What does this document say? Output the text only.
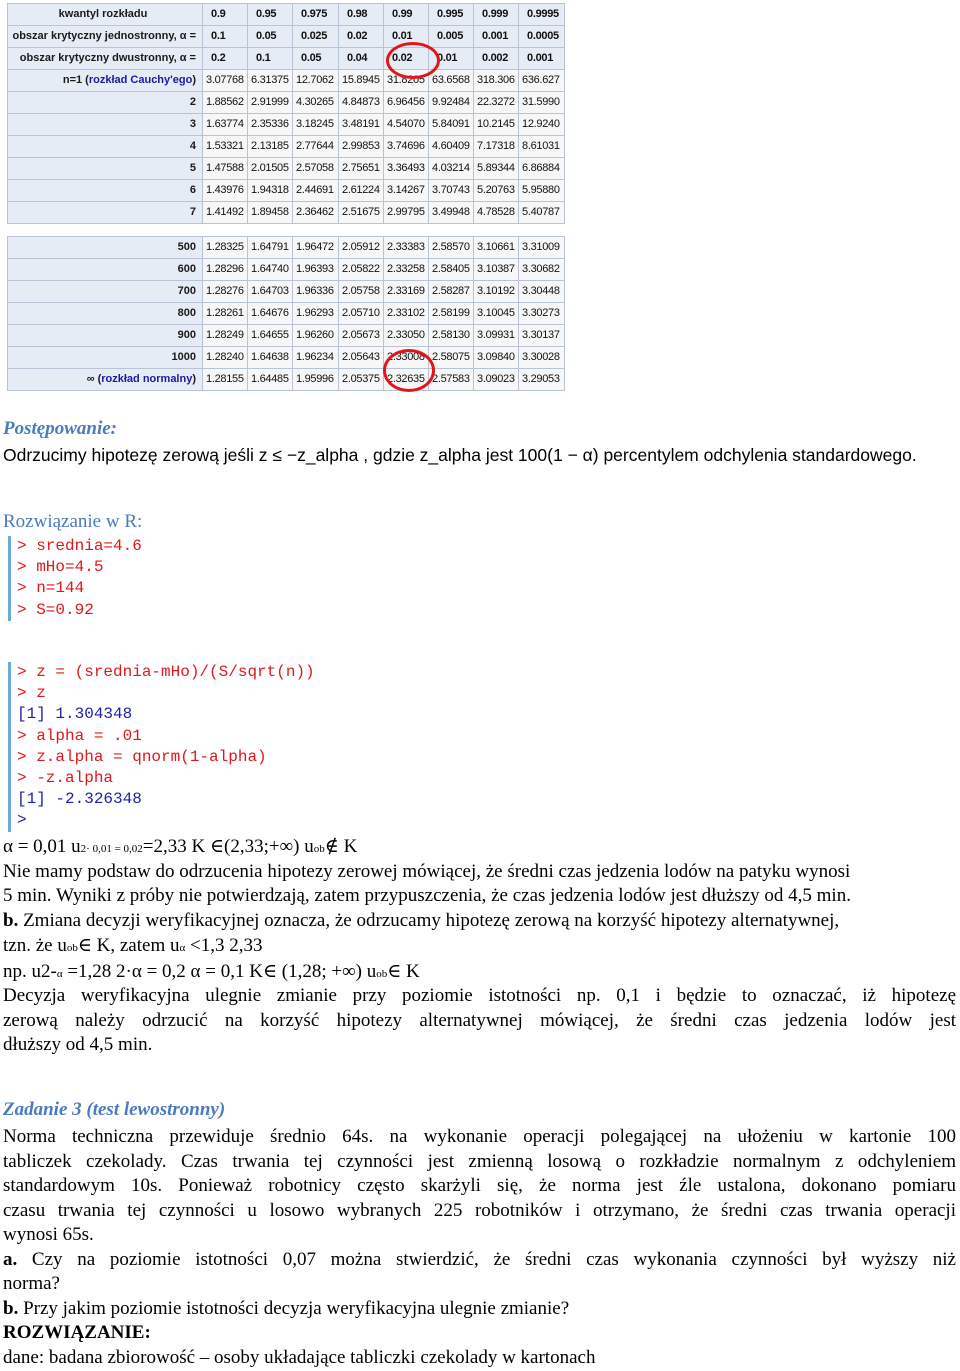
kwantyl rozkładu	0.9	0.95	0.975	0.98	0.99	0.995	0.999	0.9995
obszar krytyczny jednostronny, α =	0.1	0.05	0.025	0.02	0.01	0.005	0.001	0.0005
obszar krytyczny dwustronny, α =	0.2	0.1	0.05	0.04	0.02	0.01	0.002	0.001
n=1 (rozkład Cauchy'ego)	3.07768	6.31375	12.7062	15.8945	31.8205	63.6568	318.306	636.627
2	1.88562	2.91999	4.30265	4.84873	6.96456	9.92484	22.3272	31.5990
3	1.63774	2.35336	3.18245	3.48191	4.54070	5.84091	10.2145	12.9240
4	1.53321	2.13185	2.77644	2.99853	3.74696	4.60409	7.17318	8.61031
5	1.47588	2.01505	2.57058	2.75651	3.36493	4.03214	5.89344	6.86884
6	1.43976	1.94318	2.44691	2.61224	3.14267	3.70743	5.20763	5.95880
7	1.41492	1.89458	2.36462	2.51675	2.99795	3.49948	4.78528	5.40787

500	1.28325	1.64791	1.96472	2.05912	2.33383	2.58570	3.10661	3.31009
600	1.28296	1.64740	1.96393	2.05822	2.33258	2.58405	3.10387	3.30682
700	1.28276	1.64703	1.96336	2.05758	2.33169	2.58287	3.10192	3.30448
800	1.28261	1.64676	1.96293	2.05710	2.33102	2.58199	3.10045	3.30273
900	1.28249	1.64655	1.96260	2.05673	2.33050	2.58130	3.09931	3.30137
1000	1.28240	1.64638	1.96234	2.05643	2.33008	2.58075	3.09840	3.30028
∞ (rozkład normalny)	1.28155	1.64485	1.95996	2.05375	2.32635	2.57583	3.09023	3.29053
Postępowanie:
Odrzucimy hipotezę zerową jeśli z ≤ −z_alpha , gdzie z_alpha jest 100(1 − α) percentylem odchylenia standardowego.
Rozwiązanie w R:
> srednia=4.6
> mHo=4.5
> n=144
> S=0.92
> z = (srednia-mHo)/(S/sqrt(n))
> z
[1] 1.304348
> alpha = .01
> z.alpha = qnorm(1-alpha)
> -z.alpha
[1] -2.326348
>
α = 0,01 u2· 0,01 = 0,02=2,33 K ∈(2,33;+∞) uob∉ K
Nie mamy podstaw do odrzucenia hipotezy zerowej mówiącej, że średni czas jedzenia lodów na patyku wynosi
5 min. Wyniki z próby nie potwierdzają, zatem przypuszczenia, że czas jedzenia lodów jest dłuższy od 4,5 min.
b. Zmiana decyzji weryfikacyjnej oznacza, że odrzucamy hipotezę zerową na korzyść hipotezy alternatywnej,
tzn. że uob∈ K, zatem uα <1,3 2,33
np. u2-α =1,28 2·α = 0,2 α = 0,1 K∈ (1,28; +∞) uob∈ K
Decyzja weryfikacyjna ulegnie zmianie przy poziomie istotności np. 0,1 i będzie to oznaczać, iż hipotezę
zerową należy odrzucić na korzyść hipotezy alternatywnej mówiącej, że średni czas jedzenia lodów jest
dłuższy od 4,5 min.
Zadanie 3 (test lewostronny)
Norma techniczna przewiduje średnio 64s. na wykonanie operacji polegającej na ułożeniu w kartonie 100
tabliczek czekolady. Czas trwania tej czynności jest zmienną losową o rozkładzie normalnym z odchyleniem
standardowym 10s. Ponieważ robotnicy często skarżyli się, że norma jest źle ustalona, dokonano pomiaru
czasu trwania tej czynności u losowo wybranych 225 robotników i otrzymano, że średni czas trwania operacji
wynosi 65s.
a. Czy na poziomie istotności 0,07 można stwierdzić, że średni czas wykonania czynności był wyższy niż
norma?
b. Przy jakim poziomie istotności decyzja weryfikacyjna ulegnie zmianie?
ROZWIĄZANIE:
dane: badana zbiorowość – osoby układające tabliczki czekolady w kartonach
